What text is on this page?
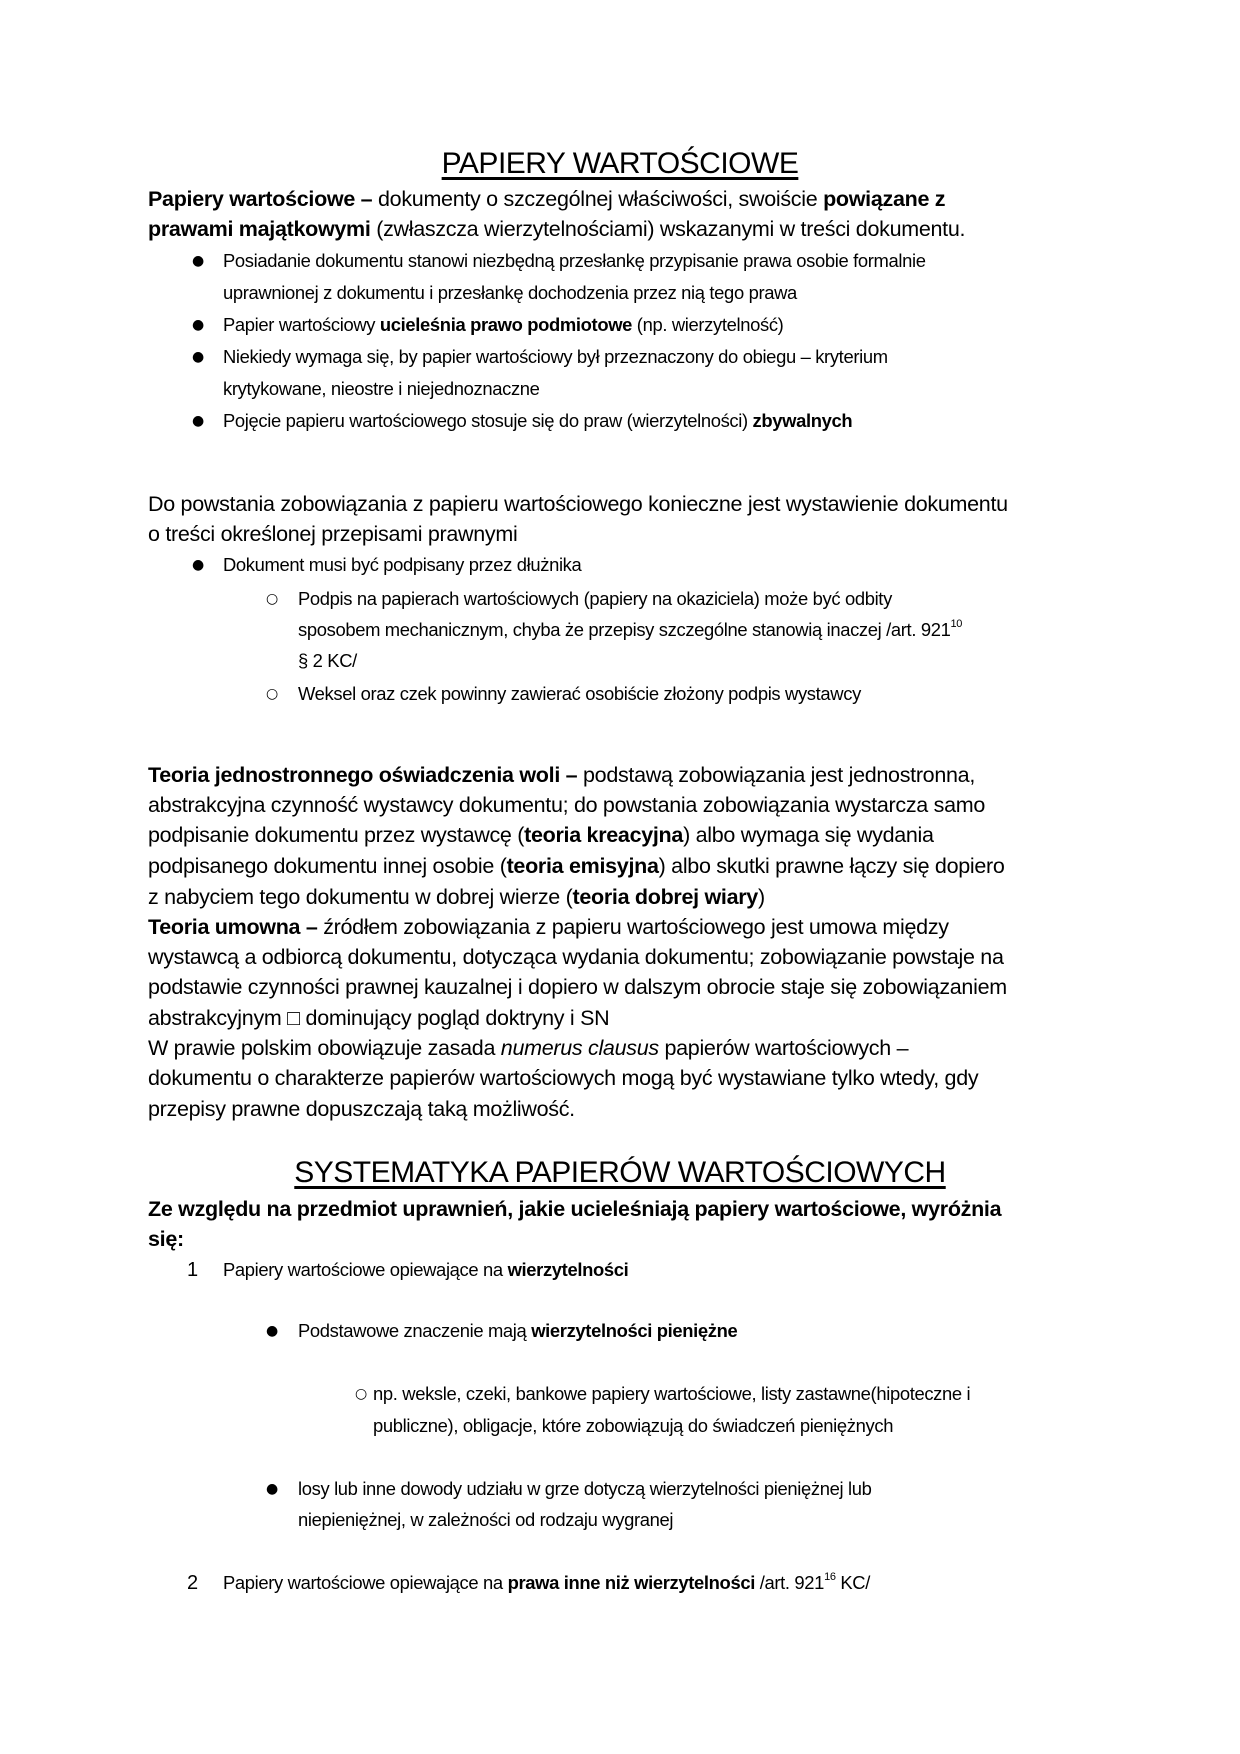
PAPIERY WARTOŚCIOWE
Papiery wartościowe – dokumenty o szczególnej właściwości, swoiście powiązane z
prawami majątkowymi (zwłaszcza wierzytelnościami) wskazanymi w treści dokumentu.
Posiadanie dokumentu stanowi niezbędną przesłankę przypisanie prawa osobie formalnie
●
uprawnionej z dokumentu i przesłankę dochodzenia przez nią tego prawa
Papier wartościowy ucieleśnia prawo podmiotowe (np. wierzytelność)
●
Niekiedy wymaga się, by papier wartościowy był przeznaczony do obiegu – kryterium
●
krytykowane, nieostre i niejednoznaczne
Pojęcie papieru wartościowego stosuje się do praw (wierzytelności) zbywalnych
●
Do powstania zobowiązania z papieru wartościowego konieczne jest wystawienie dokumentu
o treści określonej przepisami prawnymi
Dokument musi być podpisany przez dłużnika
●
Podpis na papierach wartościowych (papiery na okaziciela) może być odbity
○
sposobem mechanicznym, chyba że przepisy szczególne stanowią inaczej /art. $921^{10}$
§ 2 KC/
Weksel oraz czek powinny zawierać osobiście złożony podpis wystawcy
○
Teoria jednostronnego oświadczenia woli – podstawą zobowiązania jest jednostronna,
abstrakcyjna czynność wystawcy dokumentu; do powstania zobowiązania wystarcza samo
podpisanie dokumentu przez wystawcę (teoria kreacyjna) albo wymaga się wydania
podpisanego dokumentu innej osobie (teoria emisyjna) albo skutki prawne łączy się dopiero
z nabyciem tego dokumentu w dobrej wierze (teoria dobrej wiary)
Teoria umowna – źródłem zobowiązania z papieru wartościowego jest umowa między
wystawcą a odbiorcą dokumentu, dotycząca wydania dokumentu; zobowiązanie powstaje na
podstawie czynności prawnej kauzalnej i dopiero w dalszym obrocie staje się zobowiązaniem
abstrakcyjnym □ dominujący pogląd doktryny i SN
W prawie polskim obowiązuje zasada numerus clausus papierów wartościowych –
dokumentu o charakterze papierów wartościowych mogą być wystawiane tylko wtedy, gdy
przepisy prawne dopuszczają taką możliwość.
SYSTEMATYKA PAPIERÓW WARTOŚCIOWYCH
Ze względu na przedmiot uprawnień, jakie ucieleśniają papiery wartościowe, wyróżnia
się:
Papiery wartościowe opiewające na wierzytelności
1
Podstawowe znaczenie mają wierzytelności pieniężne
●
np. weksle, czeki, bankowe papiery wartościowe, listy zastawne(hipoteczne i
○
publiczne), obligacje, które zobowiązują do świadczeń pieniężnych
losy lub inne dowody udziału w grze dotyczą wierzytelności pieniężnej lub
●
niepieniężnej, w zależności od rodzaju wygranej
Papiery wartościowe opiewające na prawa inne niż wierzytelności /art. $921^{16}$ KC/
2
